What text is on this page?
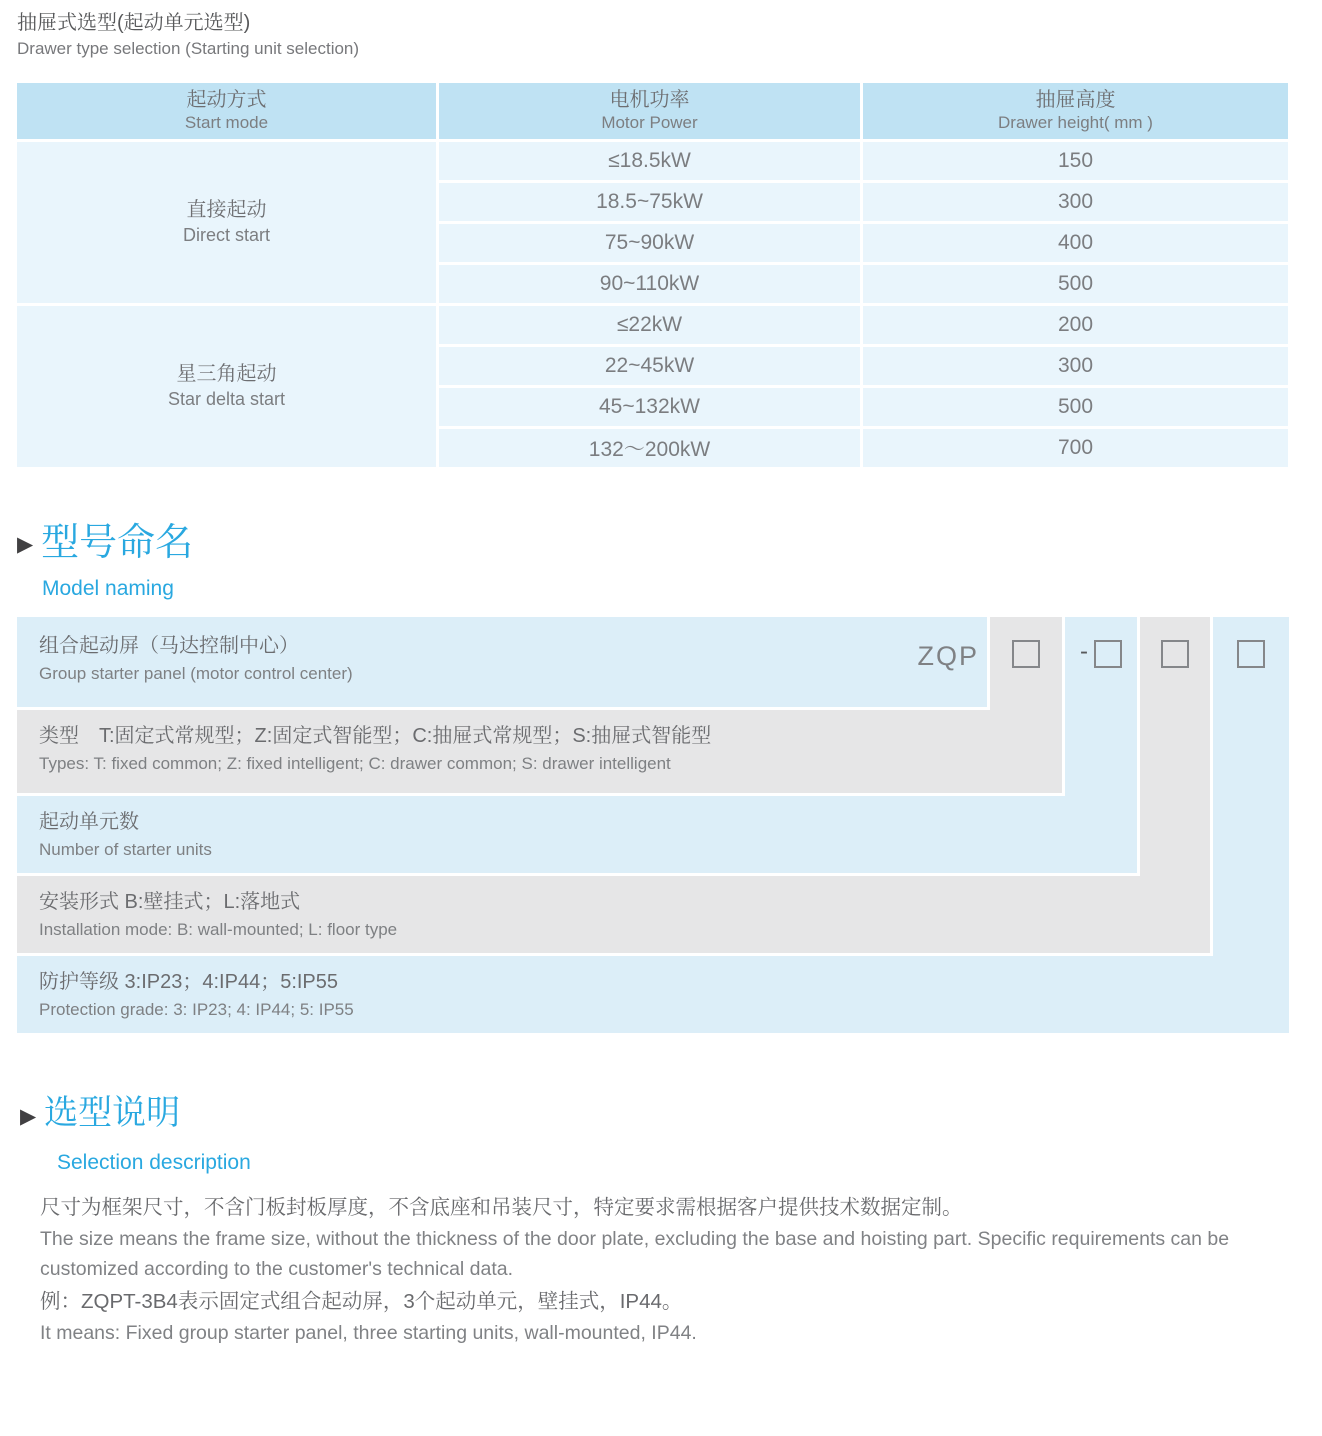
抽屉式选型(起动单元选型)
Drawer type selection (Starting unit selection)
起动方式
Start mode
电机功率
Motor Power
抽屉高度
Drawer height( mm )
直接起动
Direct start
≤18.5kW	150
18.5~75kW	300
75~90kW	400
90~110kW	500
星三角起动
Star delta start
≤22kW	200
22~45kW	300
45~132kW	500
132～200kW	700
▶ 型号命名
Model naming
组合起动屏（马达控制中心）
Group starter panel (motor control center)
ZQP
类型　T:固定式常规型；Z:固定式智能型；C:抽屉式常规型；S:抽屉式智能型
Types: T: fixed common; Z: fixed intelligent; C: drawer common; S: drawer intelligent
起动单元数
Number of starter units
安装形式 B:壁挂式；L:落地式
Installation mode: B: wall-mounted; L: floor type
防护等级 3:IP23；4:IP44；5:IP55
Protection grade: 3: IP23; 4: IP44; 5: IP55
-
▶ 选型说明
Selection description

尺寸为框架尺寸，不含门板封板厚度，不含底座和吊装尺寸，特定要求需根据客户提供技术数据定制。

The size means the frame size, without the thickness of the door plate, excluding the base and hoisting part. Specific requirements can be customized according to the customer's technical data.

例：ZQPT-3B4表示固定式组合起动屏，3个起动单元，壁挂式，IP44。

It means: Fixed group starter panel, three starting units, wall-mounted, IP44.
